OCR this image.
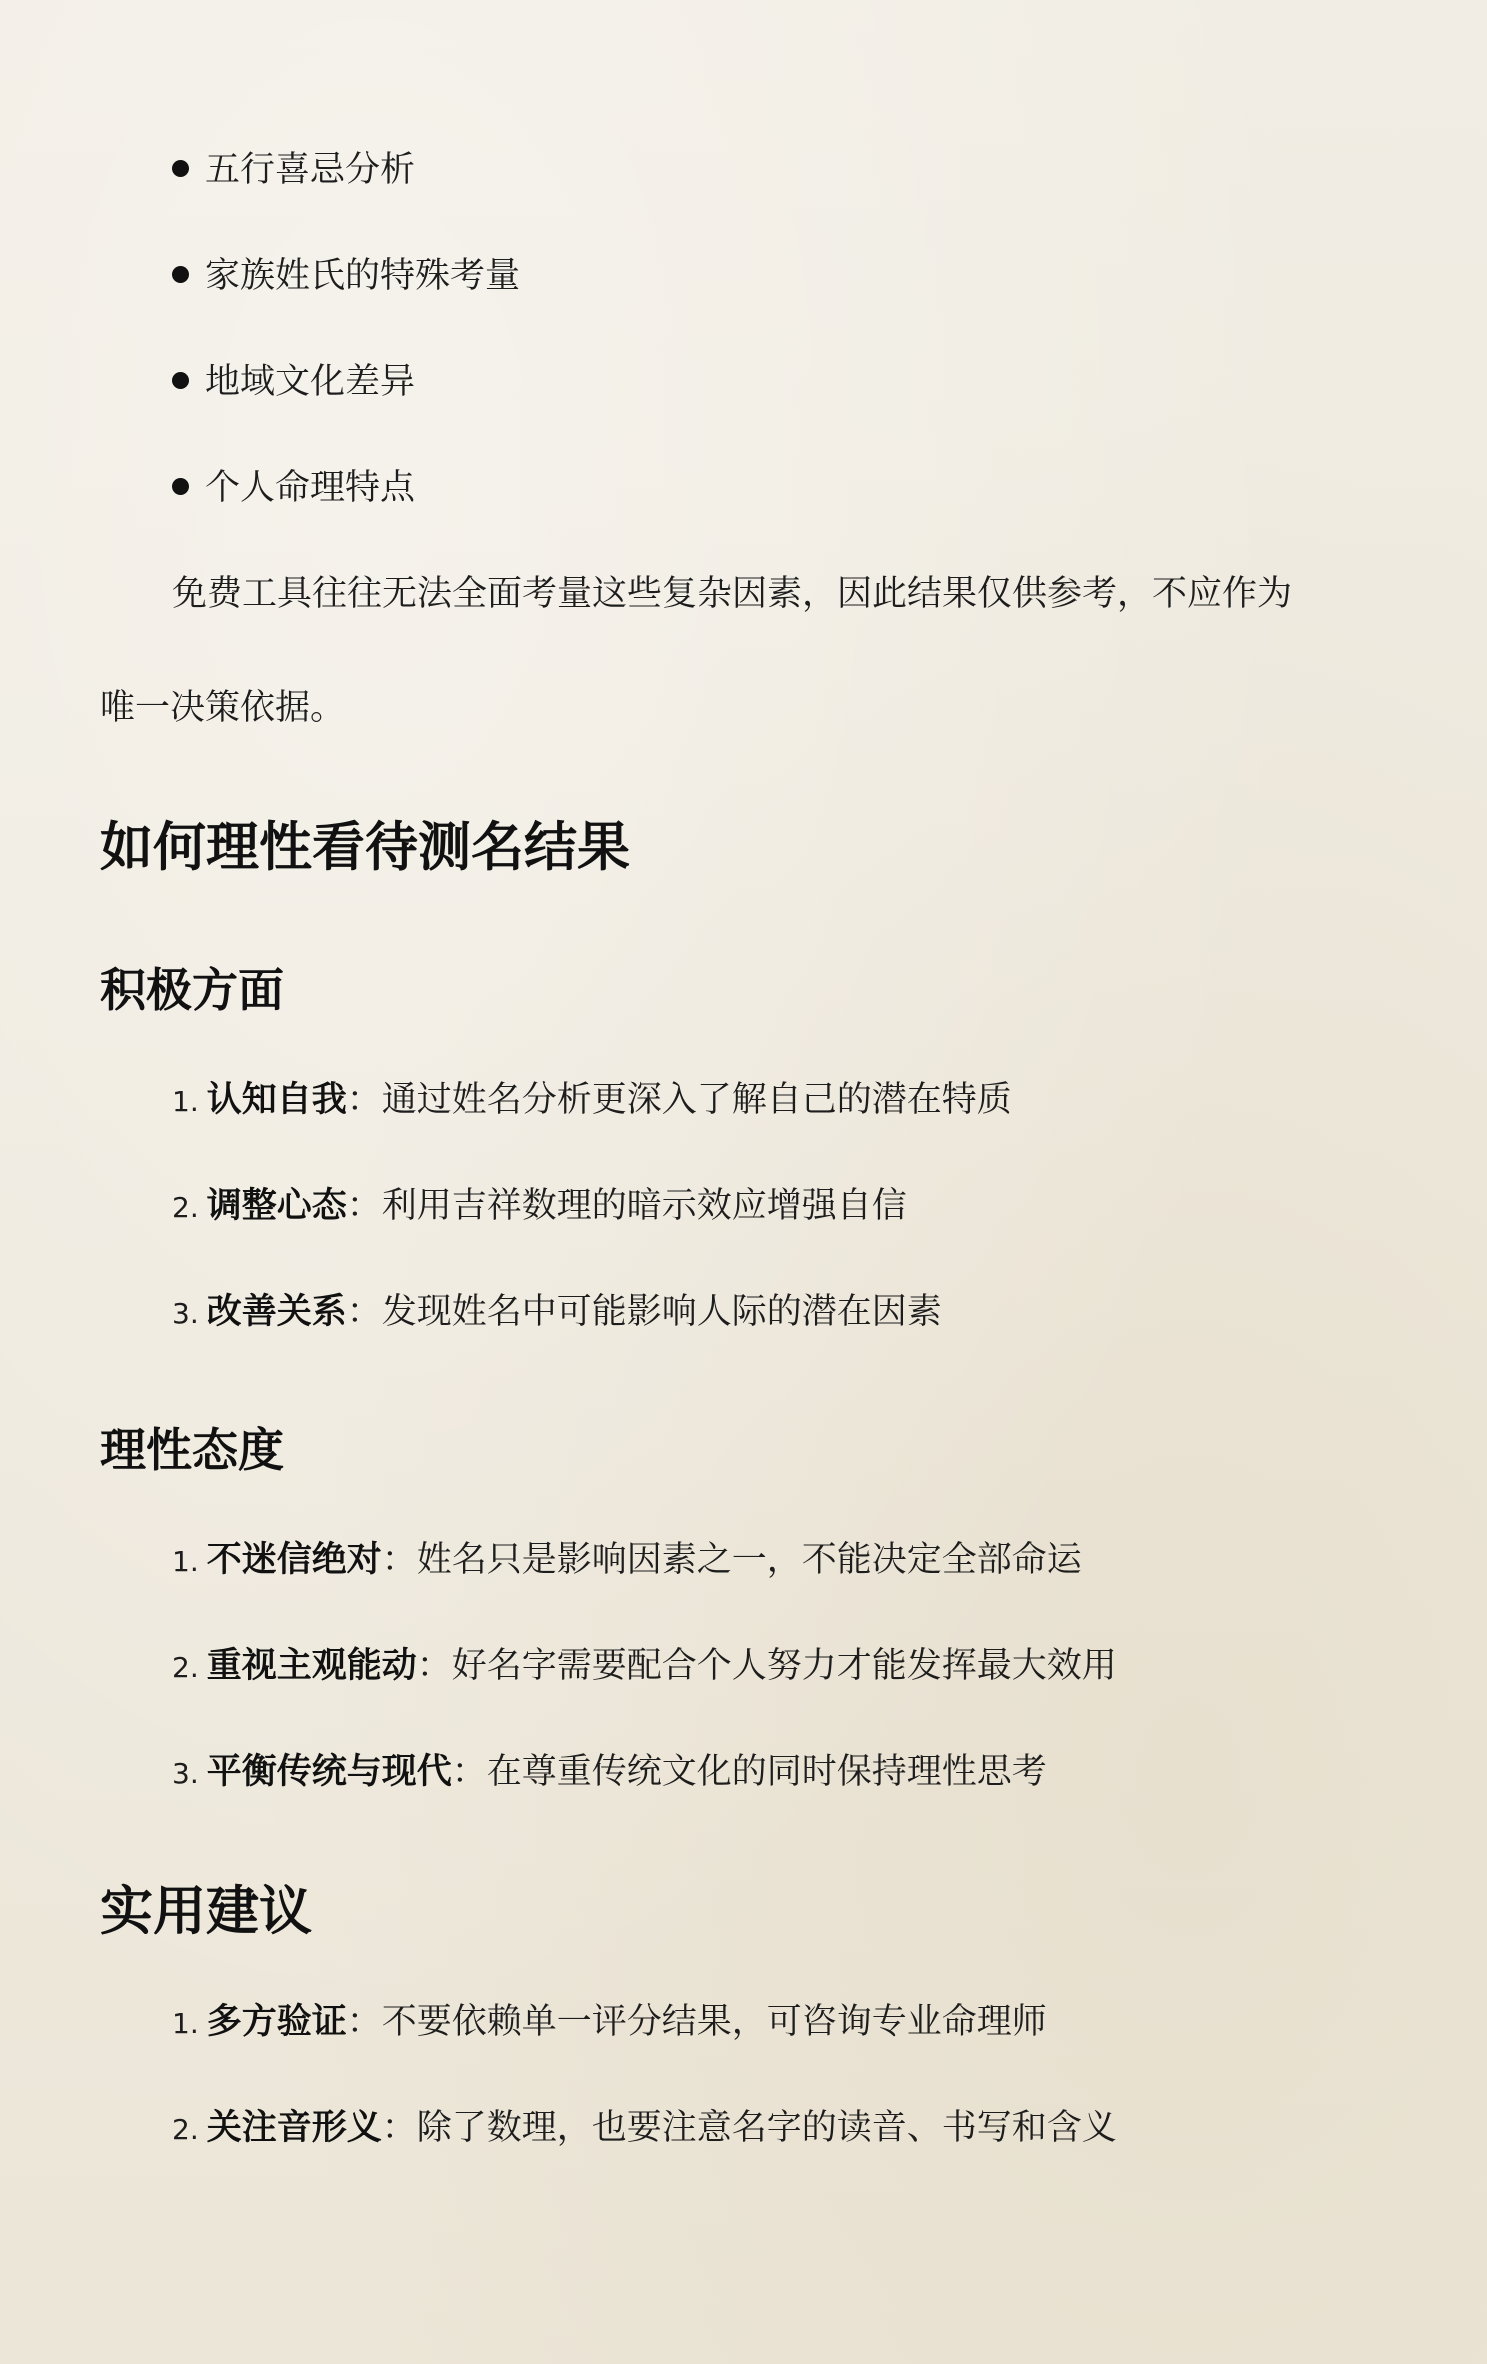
五行喜忌分析
家族姓氏的特殊考量
地域文化差异
个人命理特点
免费工具往往无法全面考量这些复杂因素，因此结果仅供参考，不应作为
唯一决策依据。
如何理性看待测名结果
积极方面
1. 认知自我：通过姓名分析更深入了解自己的潜在特质
2. 调整心态：利用吉祥数理的暗示效应增强自信
3. 改善关系：发现姓名中可能影响人际的潜在因素
理性态度
1. 不迷信绝对：姓名只是影响因素之一，不能决定全部命运
2. 重视主观能动：好名字需要配合个人努力才能发挥最大效用
3. 平衡传统与现代：在尊重传统文化的同时保持理性思考
实用建议
1. 多方验证：不要依赖单一评分结果，可咨询专业命理师
2. 关注音形义：除了数理，也要注意名字的读音、书写和含义
